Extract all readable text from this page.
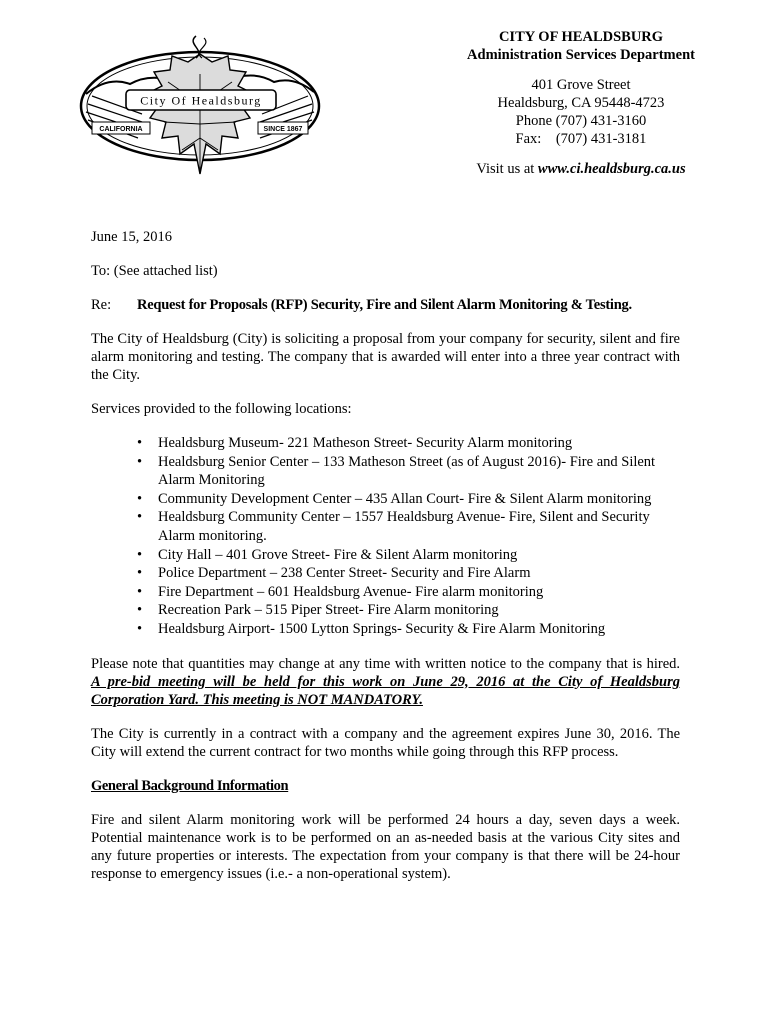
City Of Healdsburg
CALIFORNIA	SINCE 1867
CITY OF HEALDSBURG
Administration Services Department
401 Grove Street
Healdsburg, CA 95448-4723
Phone (707) 431-3160
Fax:    (707) 431-3181
Visit us at www.ci.healdsburg.ca.us

June 15, 2016

To: (See attached list)

Re:	Request for Proposals (RFP) Security, Fire and Silent Alarm Monitoring & Testing.

The City of Healdsburg (City) is soliciting a proposal from your company for security, silent and fire alarm monitoring and testing. The company that is awarded will enter into a three year contract with the City.

Services provided to the following locations:

• Healdsburg Museum- 221 Matheson Street- Security Alarm monitoring
• Healdsburg Senior Center – 133 Matheson Street (as of August 2016)- Fire and Silent Alarm Monitoring
• Community Development Center – 435 Allan Court- Fire & Silent Alarm monitoring
• Healdsburg Community Center – 1557 Healdsburg Avenue- Fire, Silent and Security Alarm monitoring.
• City Hall – 401 Grove Street- Fire & Silent Alarm monitoring
• Police Department – 238 Center Street- Security and Fire Alarm
• Fire Department – 601 Healdsburg Avenue- Fire alarm monitoring
• Recreation Park – 515 Piper Street- Fire Alarm monitoring
• Healdsburg Airport- 1500 Lytton Springs- Security & Fire Alarm Monitoring

Please note that quantities may change at any time with written notice to the company that is hired.  A pre-bid meeting will be held for this work on June 29, 2016 at the City of Healdsburg Corporation Yard. This meeting is NOT MANDATORY.

The City is currently in a contract with a company and the agreement expires June 30, 2016. The City will extend the current contract for two months while going through this RFP process.

General Background Information

Fire and silent Alarm monitoring work will be performed 24 hours a day, seven days a week. Potential maintenance work is to be performed on an as-needed basis at the various City sites and any future properties or interests. The expectation from your company is that there will be 24-hour response to emergency issues (i.e.- a non-operational system).
